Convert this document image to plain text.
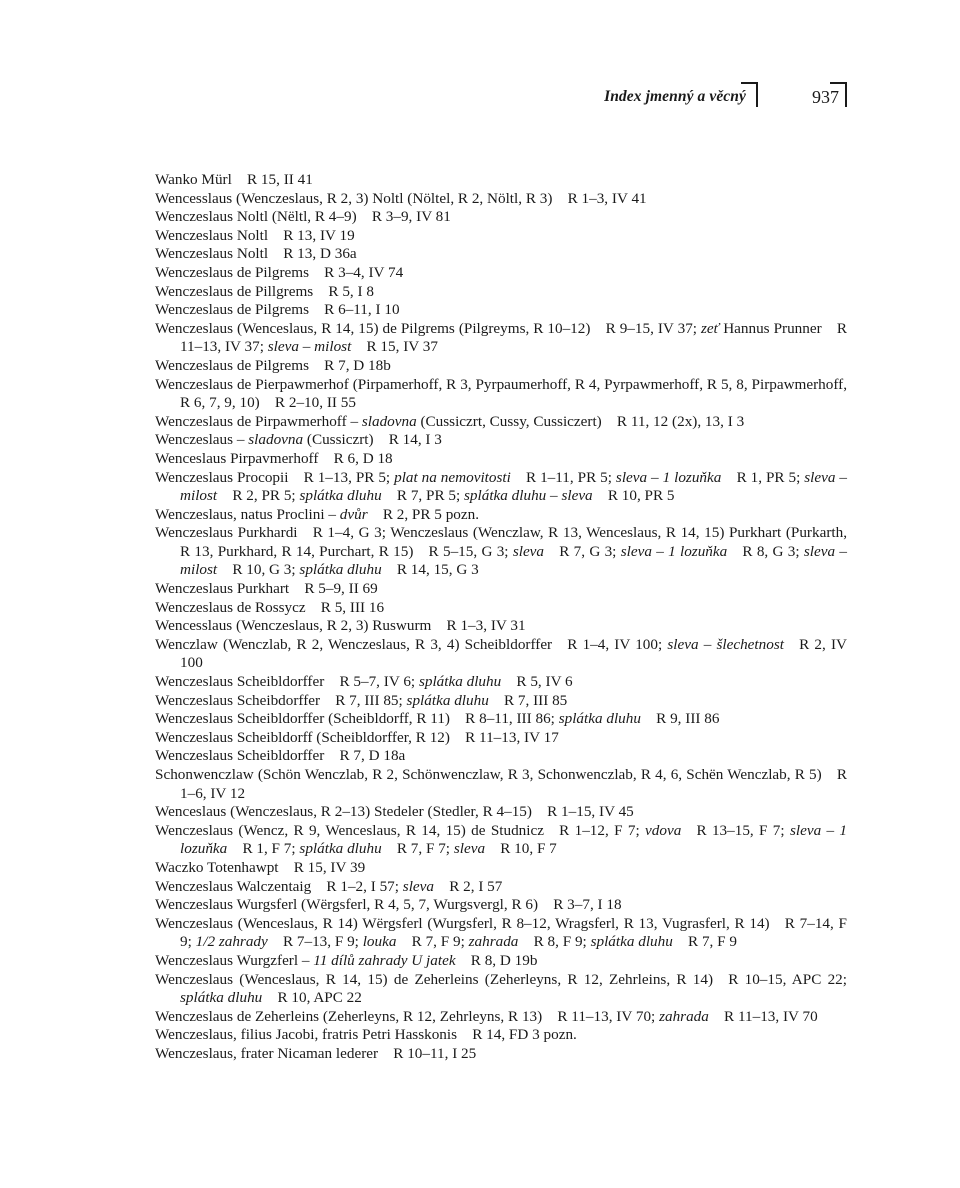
Index jmenný a věcný	937
Wanko Mürl R 15, II 41
Wencesslaus (Wenczeslaus, R 2, 3) Noltl (Nöltel, R 2, Nöltl, R 3) R 1–3, IV 41
Wenczeslaus Noltl (Nёltl, R 4–9) R 3–9, IV 81
Wenczeslaus Noltl R 13, IV 19
Wenczeslaus Noltl R 13, D 36a
Wenczeslaus de Pilgrems R 3–4, IV 74
Wenczeslaus de Pillgrems R 5, I 8
Wenczeslaus de Pilgrems R 6–11, I 10
Wenczeslaus (Wenceslaus, R 14, 15) de Pilgrems (Pilgreyms, R 10–12) R 9–15, IV 37; zeť Hannus Prunner R 11–13, IV 37; sleva – milost R 15, IV 37
Wenczeslaus de Pilgrems R 7, D 18b
Wenczeslaus de Pierpawmerhof (Pirpamerhoff, R 3, Pyrpaumerhoff, R 4, Pyrpawmerhoff, R 5, 8, Pirpawmerhoff, R 6, 7, 9, 10) R 2–10, II 55
Wenczeslaus de Pirpawmerhoff – sladovna (Cussiczrt, Cussy, Cussiczert) R 11, 12 (2x), 13, I 3
Wenczeslaus – sladovna (Cussiczrt) R 14, I 3
Wenceslaus Pirpavmerhoff R 6, D 18
Wenczeslaus Procopii R 1–13, PR 5; plat na nemovitosti R 1–11, PR 5; sleva – 1 lozuňka R 1, PR 5; sleva – milost R 2, PR 5; splátka dluhu R 7, PR 5; splátka dluhu – sleva R 10, PR 5
Wenczeslaus, natus Proclini – dvůr R 2, PR 5 pozn.
Wenczeslaus Purkhardi R 1–4, G 3; Wenczeslaus (Wenczlaw, R 13, Wenceslaus, R 14, 15) Purkhart (Purkarth, R 13, Purkhard, R 14, Purchart, R 15) R 5–15, G 3; sleva R 7, G 3; sleva – 1 lozuňka R 8, G 3; sleva – milost R 10, G 3; splátka dluhu R 14, 15, G 3
Wenczeslaus Purkhart R 5–9, II 69
Wenczeslaus de Rossycz R 5, III 16
Wencesslaus (Wenczeslaus, R 2, 3) Ruswurm R 1–3, IV 31
Wenczlaw (Wenczlab, R 2, Wenczeslaus, R 3, 4) Scheibldorffer R 1–4, IV 100; sleva – šlechetnost R 2, IV 100
Wenczeslaus Scheibldorffer R 5–7, IV 6; splátka dluhu R 5, IV 6
Wenczeslaus Scheibdorffer R 7, III 85; splátka dluhu R 7, III 85
Wenczeslaus Scheibldorffer (Scheibldorff, R 11) R 8–11, III 86; splátka dluhu R 9, III 86
Wenczeslaus Scheibldorff (Scheibldorffer, R 12) R 11–13, IV 17
Wenczeslaus Scheibldorffer R 7, D 18a
Schonwenczlaw (Schön Wenczlab, R 2, Schönwenczlaw, R 3, Schonwenczlab, R 4, 6, Schёn Wenczlab, R 5) R 1–6, IV 12
Wenceslaus (Wenczeslaus, R 2–13) Stedeler (Stedler, R 4–15) R 1–15, IV 45
Wenczeslaus (Wencz, R 9, Wenceslaus, R 14, 15) de Studnicz R 1–12, F 7; vdova R 13–15, F 7; sleva – 1 lozuňka R 1, F 7; splátka dluhu R 7, F 7; sleva R 10, F 7
Waczko Totenhawpt R 15, IV 39
Wenczeslaus Walczentaig R 1–2, I 57; sleva R 2, I 57
Wenczeslaus Wurgsferl (Wёrgsferl, R 4, 5, 7, Wurgsvergl, R 6) R 3–7, I 18
Wenczeslaus (Wenceslaus, R 14) Wёrgsferl (Wurgsferl, R 8–12, Wragsferl, R 13, Vugrasferl, R 14) R 7–14, F 9; 1/2 zahrady R 7–13, F 9; louka R 7, F 9; zahrada R 8, F 9; splátka dluhu R 7, F 9
Wenczeslaus Wurgzferl – 11 dílů zahrady U jatek R 8, D 19b
Wenczeslaus (Wenceslaus, R 14, 15) de Zeherleins (Zeherleyns, R 12, Zehrleins, R 14) R 10–15, APC 22; splátka dluhu R 10, APC 22
Wenczeslaus de Zeherleins (Zeherleyns, R 12, Zehrleyns, R 13) R 11–13, IV 70; zahrada R 11–13, IV 70
Wenczeslaus, filius Jacobi, fratris Petri Hasskonis R 14, FD 3 pozn.
Wenczeslaus, frater Nicaman lederer R 10–11, I 25
